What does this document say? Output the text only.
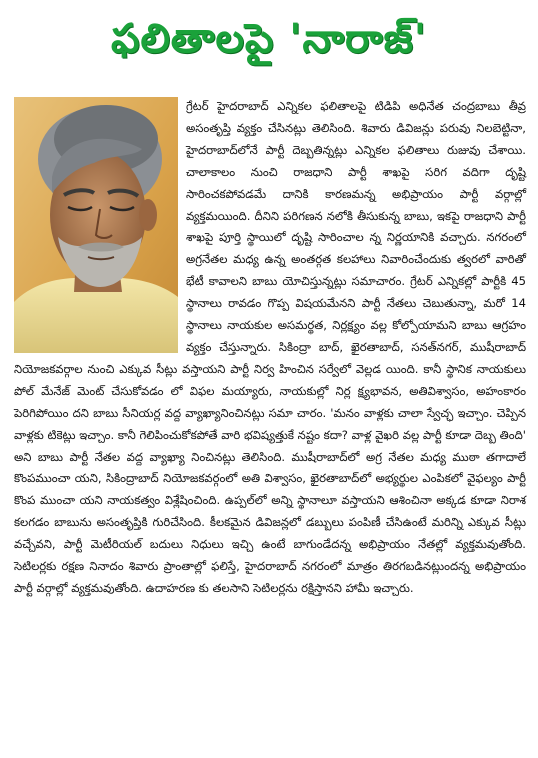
ఫలితాలపై 'నారాజ్'

గ్రేటర్ హైదరాబాద్ ఎన్నికల ఫలితాలపై టిడిపి అధినేత చంద్రబాబు తీవ్ర అసంతృప్తి వ్యక్తం చేసినట్లు తెలిసింది. శివారు డివిజన్లు పరువు నిలబెట్టినా, హైదరాబాద్‌లోనే పార్టీ దెబ్బతిన్నట్లు ఎన్నికల ఫలితాలు రుజువు చేశాయి. చాలాకాలం నుంచి రాజధాని పార్టీ శాఖపై సరిగ వదిగా దృష్టి సారించకపోవడమే దానికి కారణమన్న అభిప్రాయం పార్టీ వర్గాల్లో వ్యక్తమయింది. దీనిని పరిగణన నలోకి తీసుకున్న బాబు, ఇకపై రాజధాని పార్టీ శాఖపై పూర్తి స్థాయిలో దృష్టి సారించాల న్న నిర్ణయానికి వచ్చారు. నగరంలో అగ్రనేతల మధ్య ఉన్న అంతర్గత కలహాలు నివారించేందుకు త్వరలో వారితో భేటీ కావాలని బాబు యోచిస్తున్నట్లు సమాచారం. గ్రేటర్ ఎన్నికల్లో పార్టీకి 45 స్థానాలు రావడం గొప్ప విషయమేనని పార్టీ నేతలు చెబుతున్నా, మరో 14 స్థానాలు నాయకుల అసమర్థత, నిర్లక్ష్యం వల్ల కోల్పోయామని బాబు ఆగ్రహం వ్యక్తం చేస్తున్నారు. సికింద్రా బాద్, ఖైరతాబాద్, సనత్‌నగర్, ముషీరాబాద్ నియోజకవర్గాల నుంచి ఎక్కువ సీట్లు వస్తాయని పార్టీ నిర్వ హించిన సర్వేలో వెల్లడ యింది. కానీ స్థానిక నాయకులు పోల్ మేనేజ్ మెంట్ చేసుకోవడం లో విఫల మయ్యారు, నాయకుల్లో నిర్ల క్ష్యభావన, అతివిశ్వాసం, అహంకారం పెరిగిపోయిం దని బాబు సీనియర్ల వద్ద వ్యాఖ్యానించినట్లు సమా చారం. 'మనం వాళ్లకు చాలా స్వేచ్ఛ ఇచ్చాం. చెప్పిన వాళ్లకు టికెట్లు ఇచ్చాం. కానీ గెలిపించుకోకపోతే వారి భవిష్యత్తుకే నష్టం కదా? వాళ్ల వైఖరి వల్ల పార్టీ కూడా దెబ్బ తింది' అని బాబు పార్టీ నేతల వద్ద వ్యాఖ్యా నించినట్లు తెలిసింది. ముషీరాబాద్‌లో అగ్ర నేతల మధ్య ముఠా తగాదాలే కొంపముంచా యని, సికింద్రాబాద్ నియోజకవర్గంలో అతి విశ్వాసం, ఖైరతాబాద్‌లో అభ్యర్థుల ఎంపికలో వైఫల్యం పార్టీ కొంప ముంచా యని నాయకత్వం విశ్లేషించింది. ఉప్పల్‌లో అన్ని స్థానాలూ వస్తాయని ఆశించినా అక్కడ కూడా నిరాశ కలగడం బాబును అసంతృప్తికి గురిచేసింది. కీలకమైన డివిజన్లలో డబ్బులు పంపిణీ చేసిఉంటే మరిన్ని ఎక్కువ సీట్లు వచ్చేవని, పార్టీ మెటీరియల్ బదులు నిధులు ఇచ్చి ఉంటే బాగుండేదన్న అభిప్రాయం నేతల్లో వ్యక్తమవుతోంది. సెటిలర్లకు రక్షణ నినాదం శివారు ప్రాంతాల్లో ఫలిస్తే, హైదరాబాద్ నగరంలో మాత్రం తిరగబడినట్లుందన్న అభిప్రాయం పార్టీ వర్గాల్లో వ్యక్తమవుతోంది. ఉదాహరణ కు తలసాని సెటిలర్లను రక్షిస్తానని హామీ ఇచ్చారు.
